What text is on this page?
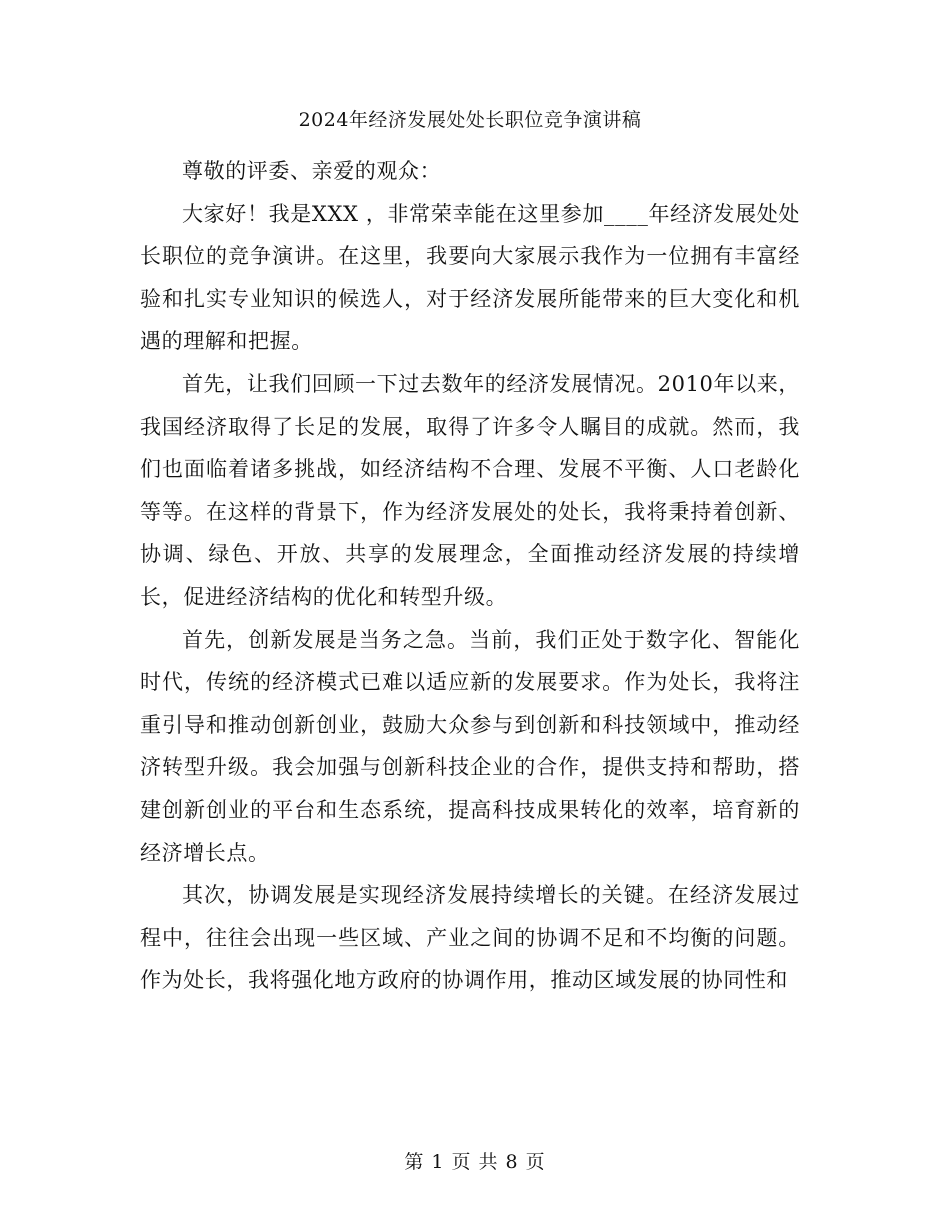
2024年经济发展处处长职位竞争演讲稿

尊敬的评委、亲爱的观众：

大家好！我是XXX ，非常荣幸能在这里参加____年经济发展处处长职位的竞争演讲。在这里，我要向大家展示我作为一位拥有丰富经验和扎实专业知识的候选人，对于经济发展所能带来的巨大变化和机遇的理解和把握。

首先，让我们回顾一下过去数年的经济发展情况。2010年以来，我国经济取得了长足的发展，取得了许多令人瞩目的成就。然而，我们也面临着诸多挑战，如经济结构不合理、发展不平衡、人口老龄化等等。在这样的背景下，作为经济发展处的处长，我将秉持着创新、协调、绿色、开放、共享的发展理念，全面推动经济发展的持续增长，促进经济结构的优化和转型升级。

首先，创新发展是当务之急。当前，我们正处于数字化、智能化时代，传统的经济模式已难以适应新的发展要求。作为处长，我将注重引导和推动创新创业，鼓励大众参与到创新和科技领域中，推动经济转型升级。我会加强与创新科技企业的合作，提供支持和帮助，搭建创新创业的平台和生态系统，提高科技成果转化的效率，培育新的经济增长点。

其次，协调发展是实现经济发展持续增长的关键。在经济发展过程中，往往会出现一些区域、产业之间的协调不足和不均衡的问题。作为处长，我将强化地方政府的协调作用，推动区域发展的协同性和

第 1 页 共 8 页
